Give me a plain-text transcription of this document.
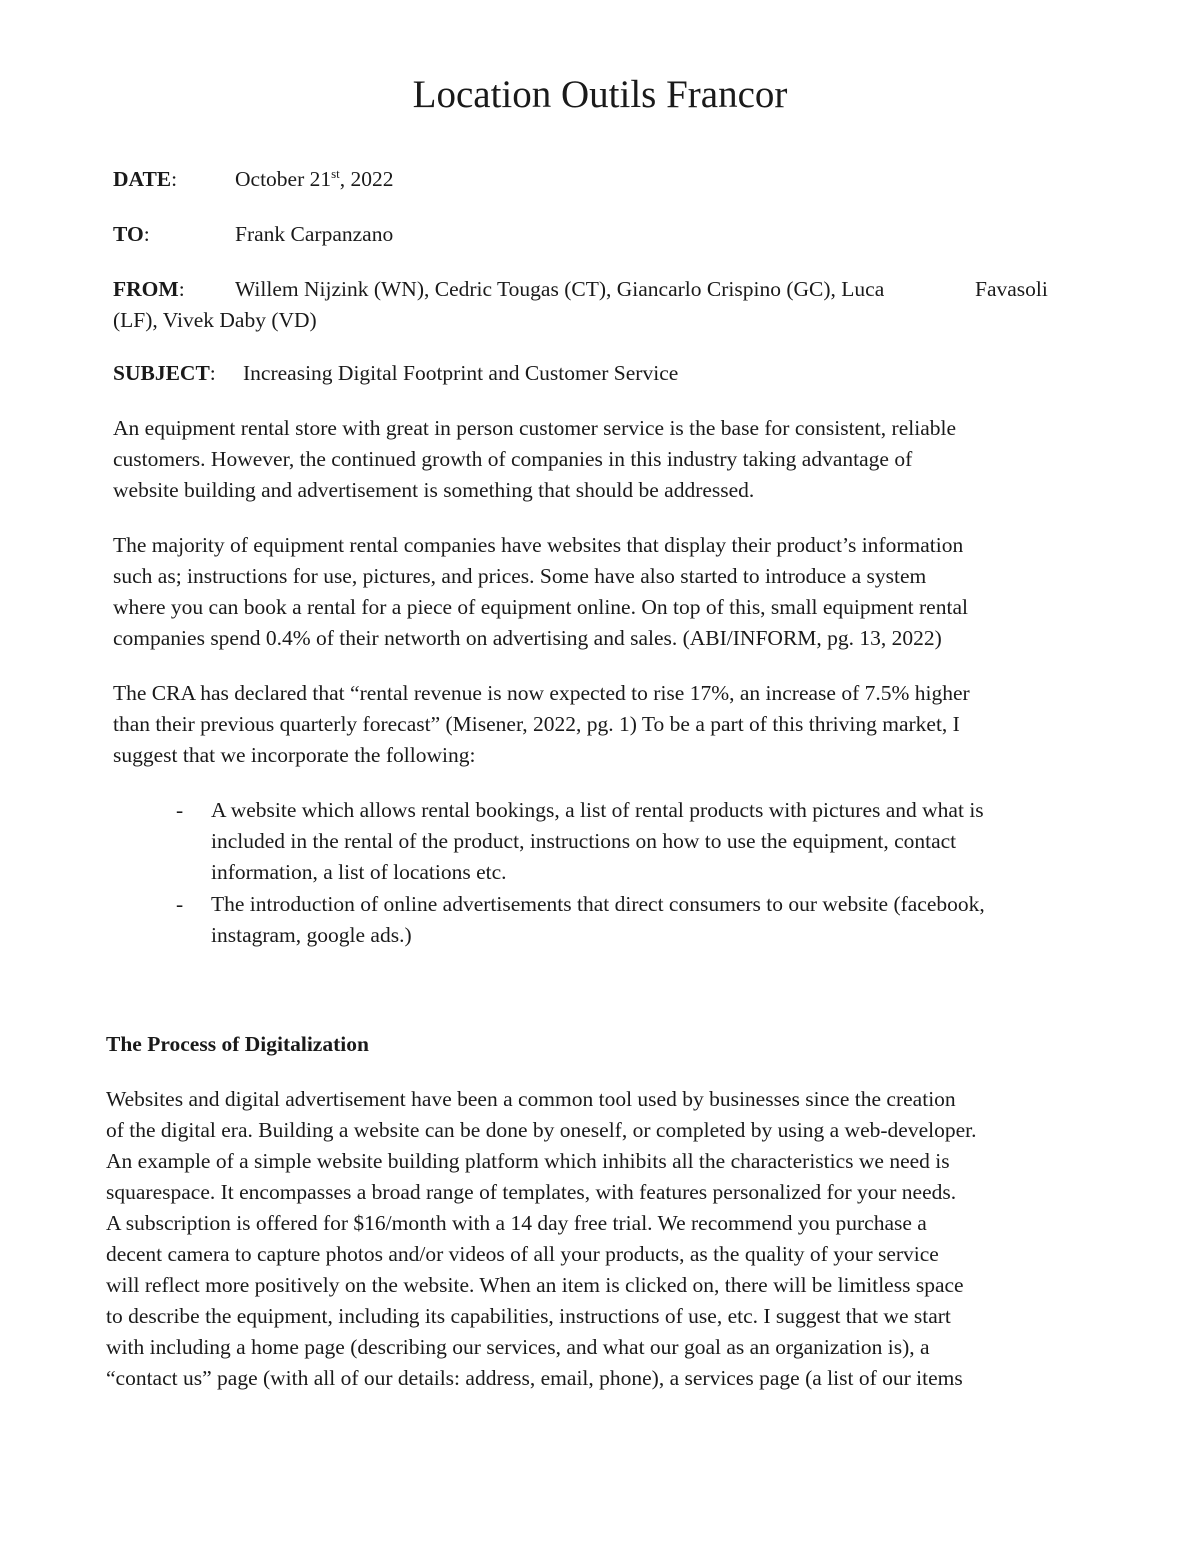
Location Outils Francor
DATE:	October 21st, 2022
TO:	Frank Carpanzano
FROM: Willem Nijzink (WN), Cedric Tougas (CT), Giancarlo Crispino (GC), Luca	Favasoli
(LF), Vivek Daby (VD)
SUBJECT: Increasing Digital Footprint and Customer Service
An equipment rental store with great in person customer service is the base for consistent, reliable
customers. However, the continued growth of companies in this industry taking advantage of
website building and advertisement is something that should be addressed.
The majority of equipment rental companies have websites that display their product’s information
such as; instructions for use, pictures, and prices. Some have also started to introduce a system
where you can book a rental for a piece of equipment online. On top of this, small equipment rental
companies spend 0.4% of their networth on advertising and sales. (ABI/INFORM, pg. 13, 2022)
The CRA has declared that “rental revenue is now expected to rise 17%, an increase of 7.5% higher
than their previous quarterly forecast” (Misener, 2022, pg. 1) To be a part of this thriving market, I
suggest that we incorporate the following:
- A website which allows rental bookings, a list of rental products with pictures and what is
included in the rental of the product, instructions on how to use the equipment, contact
information, a list of locations etc.
- The introduction of online advertisements that direct consumers to our website (facebook,
instagram, google ads.)
The Process of Digitalization
Websites and digital advertisement have been a common tool used by businesses since the creation
of the digital era. Building a website can be done by oneself, or completed by using a web-developer.
An example of a simple website building platform which inhibits all the characteristics we need is
squarespace. It encompasses a broad range of templates, with features personalized for your needs.
A subscription is offered for $16/month with a 14 day free trial. We recommend you purchase a
decent camera to capture photos and/or videos of all your products, as the quality of your service
will reflect more positively on the website. When an item is clicked on, there will be limitless space
to describe the equipment, including its capabilities, instructions of use, etc. I suggest that we start
with including a home page (describing our services, and what our goal as an organization is), a
“contact us” page (with all of our details: address, email, phone), a services page (a list of our items
